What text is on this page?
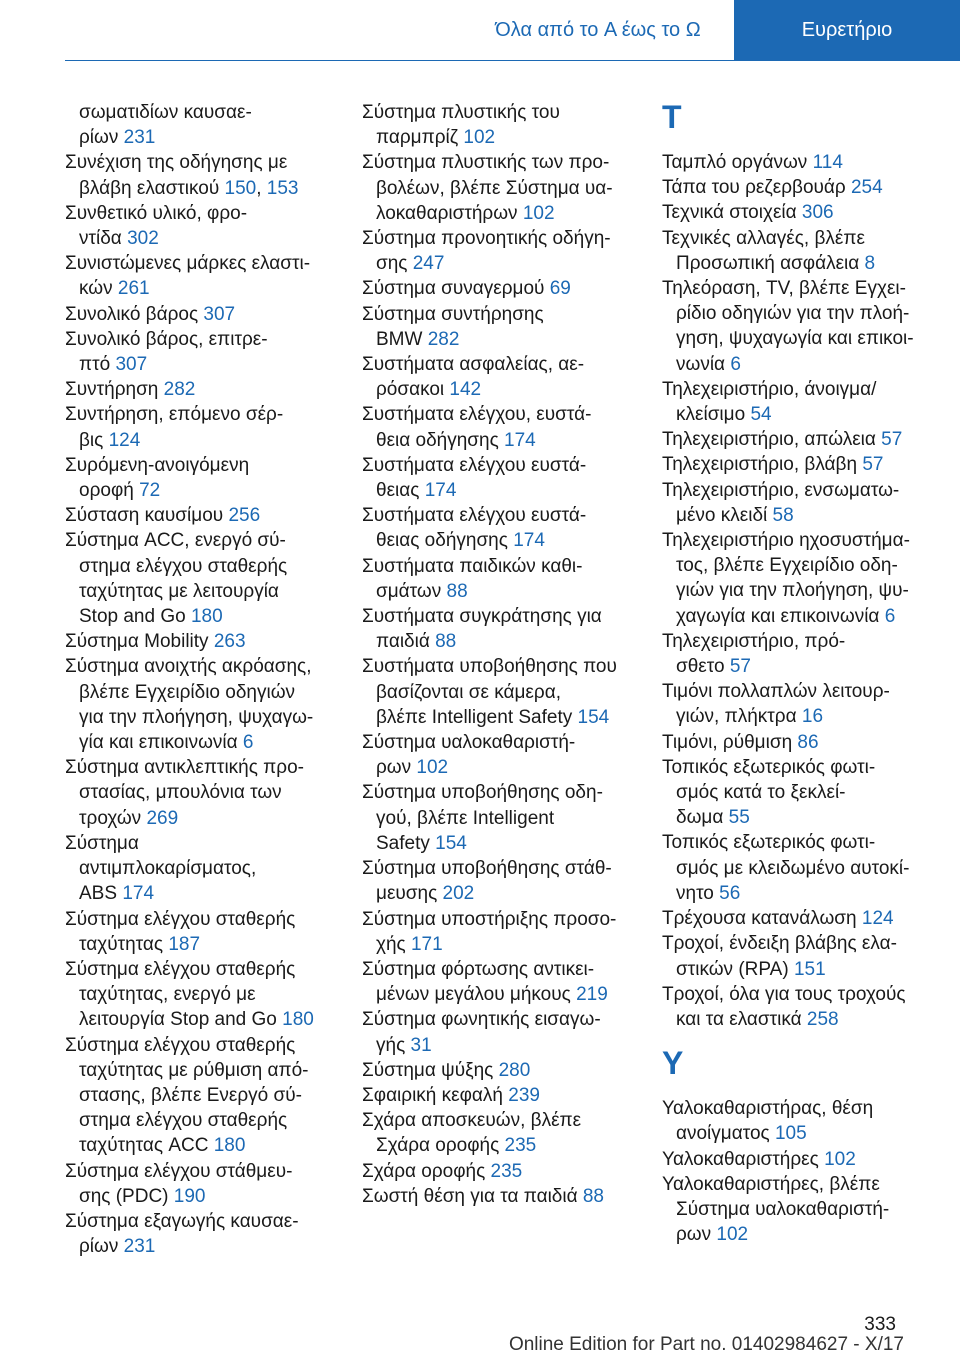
Όλα από το A έως το Ω	Ευρετήριο
σωματιδίων καυσαε-
ρίων 231
Συνέχιση της οδήγησης με
βλάβη ελαστικού 150, 153
Συνθετικό υλικό, φρο-
ντίδα 302
Συνιστώμενες μάρκες ελαστι-
κών 261
Συνολικό βάρος 307
Συνολικό βάρος, επιτρε-
πτό 307
Συντήρηση 282
Συντήρηση, επόμενο σέρ-
βις 124
Συρόμενη-ανοιγόμενη
οροφή 72
Σύσταση καυσίμου 256
Σύστημα ACC, ενεργό σύ-
στημα ελέγχου σταθερής
ταχύτητας με λειτουργία
Stop and Go 180
Σύστημα Mobility 263
Σύστημα ανοιχτής ακρόασης,
βλέπε Εγχειρίδιο οδηγιών
για την πλοήγηση, ψυχαγω-
γία και επικοινωνία 6
Σύστημα αντικλεπτικής προ-
στασίας, μπουλόνια των
τροχών 269
Σύστημα
αντιμπλοκαρίσματος,
ABS 174
Σύστημα ελέγχου σταθερής
ταχύτητας 187
Σύστημα ελέγχου σταθερής
ταχύτητας, ενεργό με
λειτουργία Stop and Go 180
Σύστημα ελέγχου σταθερής
ταχύτητας με ρύθμιση από-
στασης, βλέπε Ενεργό σύ-
στημα ελέγχου σταθερής
ταχύτητας ACC 180
Σύστημα ελέγχου στάθμευ-
σης (PDC) 190
Σύστημα εξαγωγής καυσαε-
ρίων 231
Σύστημα πλυστικής του
παρμπρίζ 102
Σύστημα πλυστικής των προ-
βολέων, βλέπε Σύστημα υα-
λοκαθαριστήρων 102
Σύστημα προνοητικής οδήγη-
σης 247
Σύστημα συναγερμού 69
Σύστημα συντήρησης
BMW 282
Συστήματα ασφαλείας, αε-
ρόσακοι 142
Συστήματα ελέγχου, ευστά-
θεια οδήγησης 174
Συστήματα ελέγχου ευστά-
θειας 174
Συστήματα ελέγχου ευστά-
θειας οδήγησης 174
Συστήματα παιδικών καθι-
σμάτων 88
Συστήματα συγκράτησης για
παιδιά 88
Συστήματα υποβοήθησης που
βασίζονται σε κάμερα,
βλέπε Intelligent Safety 154
Σύστημα υαλοκαθαριστή-
ρων 102
Σύστημα υποβοήθησης οδη-
γού, βλέπε Intelligent
Safety 154
Σύστημα υποβοήθησης στάθ-
μευσης 202
Σύστημα υποστήριξης προσο-
χής 171
Σύστημα φόρτωσης αντικει-
μένων μεγάλου μήκους 219
Σύστημα φωνητικής εισαγω-
γής 31
Σύστημα ψύξης 280
Σφαιρική κεφαλή 239
Σχάρα αποσκευών, βλέπε
Σχάρα οροφής 235
Σχάρα οροφής 235
Σωστή θέση για τα παιδιά 88
T
Ταμπλό οργάνων 114
Τάπα του ρεζερβουάρ 254
Τεχνικά στοιχεία 306
Τεχνικές αλλαγές, βλέπε
Προσωπική ασφάλεια 8
Τηλεόραση, TV, βλέπε Εγχει-
ρίδιο οδηγιών για την πλοή-
γηση, ψυχαγωγία και επικοι-
νωνία 6
Τηλεχειριστήριο, άνοιγμα/
κλείσιμο 54
Τηλεχειριστήριο, απώλεια 57
Τηλεχειριστήριο, βλάβη 57
Τηλεχειριστήριο, ενσωματω-
μένο κλειδί 58
Τηλεχειριστήριο ηχοσυστήμα-
τος, βλέπε Εγχειρίδιο οδη-
γιών για την πλοήγηση, ψυ-
χαγωγία και επικοινωνία 6
Τηλεχειριστήριο, πρό-
σθετο 57
Τιμόνι πολλαπλών λειτουρ-
γιών, πλήκτρα 16
Τιμόνι, ρύθμιση 86
Τοπικός εξωτερικός φωτι-
σμός κατά το ξεκλεί-
δωμα 55
Τοπικός εξωτερικός φωτι-
σμός με κλειδωμένο αυτοκί-
νητο 56
Τρέχουσα κατανάλωση 124
Τροχοί, ένδειξη βλάβης ελα-
στικών (RPA) 151
Τροχοί, όλα για τους τροχούς
και τα ελαστικά 258
Y
Υαλοκαθαριστήρας, θέση
ανοίγματος 105
Υαλοκαθαριστήρες 102
Υαλοκαθαριστήρες, βλέπε
Σύστημα υαλοκαθαριστή-
ρων 102
333
Online Edition for Part no. 01402984627 - X/17
